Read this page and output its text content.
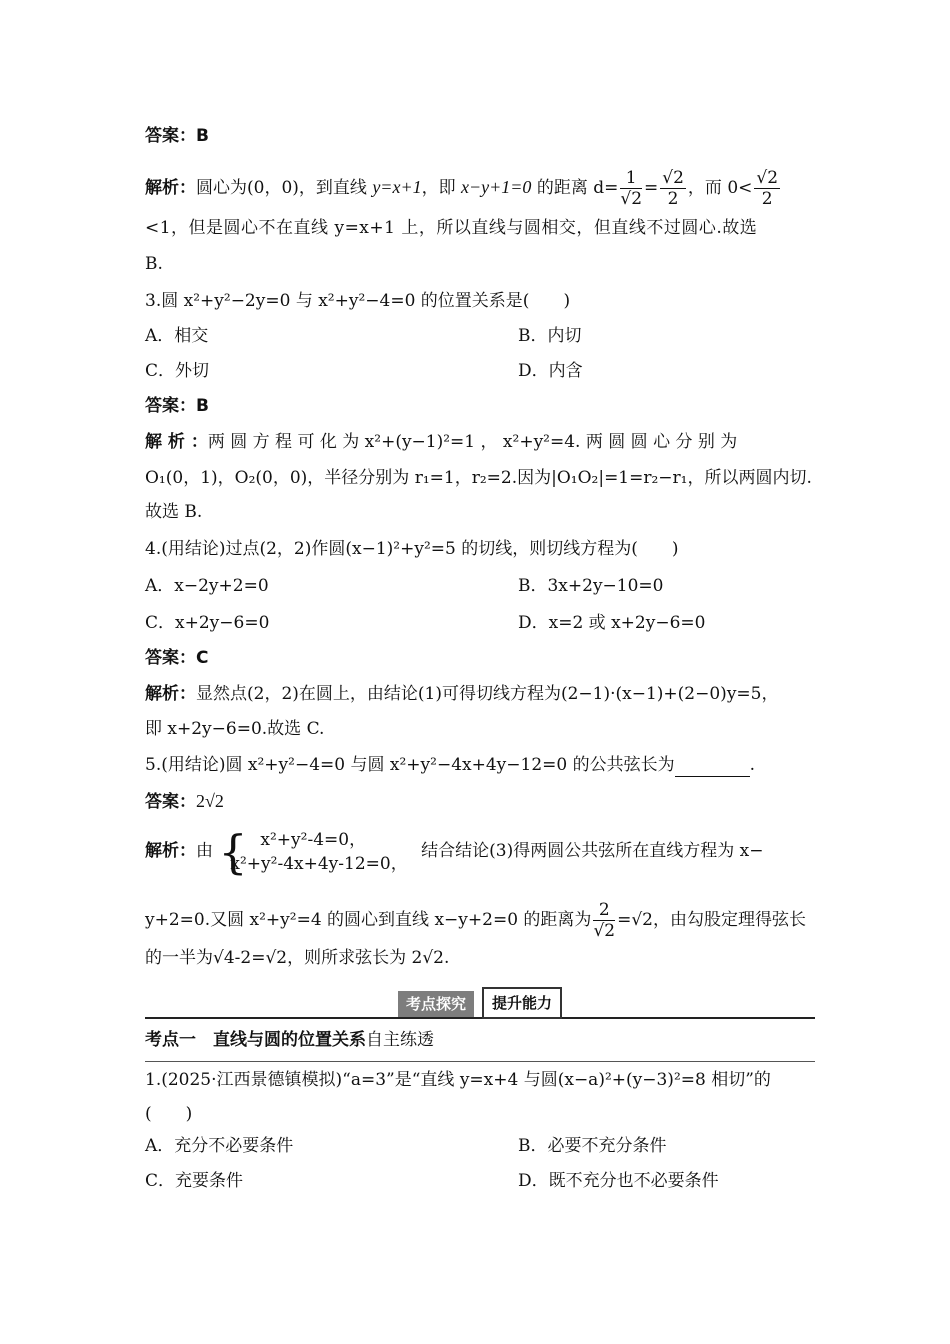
答案：B
解析：圆心为(0，0)，到直线 y=x+1，即 x−y+1=0 的距离 $d= \frac{1}{√2} = \frac{√2}{2}$ ，而 $0< \frac{√2}{2}$
<1，但是圆心不在直线 y=x+1 上，所以直线与圆相交，但直线不过圆心.故选
B.
3.圆 x²+y²−2y=0 与 x²+y²−4=0 的位置关系是(　　)
A．相交	B．内切
C．外切	D．内含
答案：B
解 析 ：两 圆 方 程 可 化 为 x²+(y−1)²=1 ， x²+y²=4. 两 圆 圆 心 分 别 为
O₁(0，1)，O₂(0，0)，半径分别为 r₁=1，r₂=2.因为|O₁O₂|=1=r₂−r₁，所以两圆内切.
故选 B.
4.(用结论)过点(2，2)作圆(x−1)²+y²=5 的切线，则切线方程为(　　)
A．x−2y+2=0	B．3x+2y−10=0
C．x+2y−6=0	D．x=2 或 x+2y−6=0
答案：C
解析：显然点(2，2)在圆上，由结论(1)可得切线方程为(2−1)·(x−1)+(2−0)y=5，
即 x+2y−6=0.故选 C.
5.(用结论)圆 x²+y²−4=0 与圆 x²+y²−4x+4y−12=0 的公共弦长为	.
答案：2√2
解析：由 { x²+y²-4=0，
x²+y²-4x+4y-12=0，
结合结论(3)得两圆公共弦所在直线方程为 x−
y+2=0.又圆 x²+y²=4 的圆心到直线 x−y+2=0 的距离为 $\frac{2}{√2} =√2$，由勾股定理得弦长
的一半为√4-2=√2，则所求弦长为 2√2.
考点探究	提升能力
考点一　直线与圆的位置关系自主练透
1.(2025·江西景德镇模拟)“a=3”是“直线 y=x+4 与圆(x−a)²+(y−3)²=8 相切”的
(　　)
A．充分不必要条件	B．必要不充分条件
C．充要条件	D．既不充分也不必要条件
